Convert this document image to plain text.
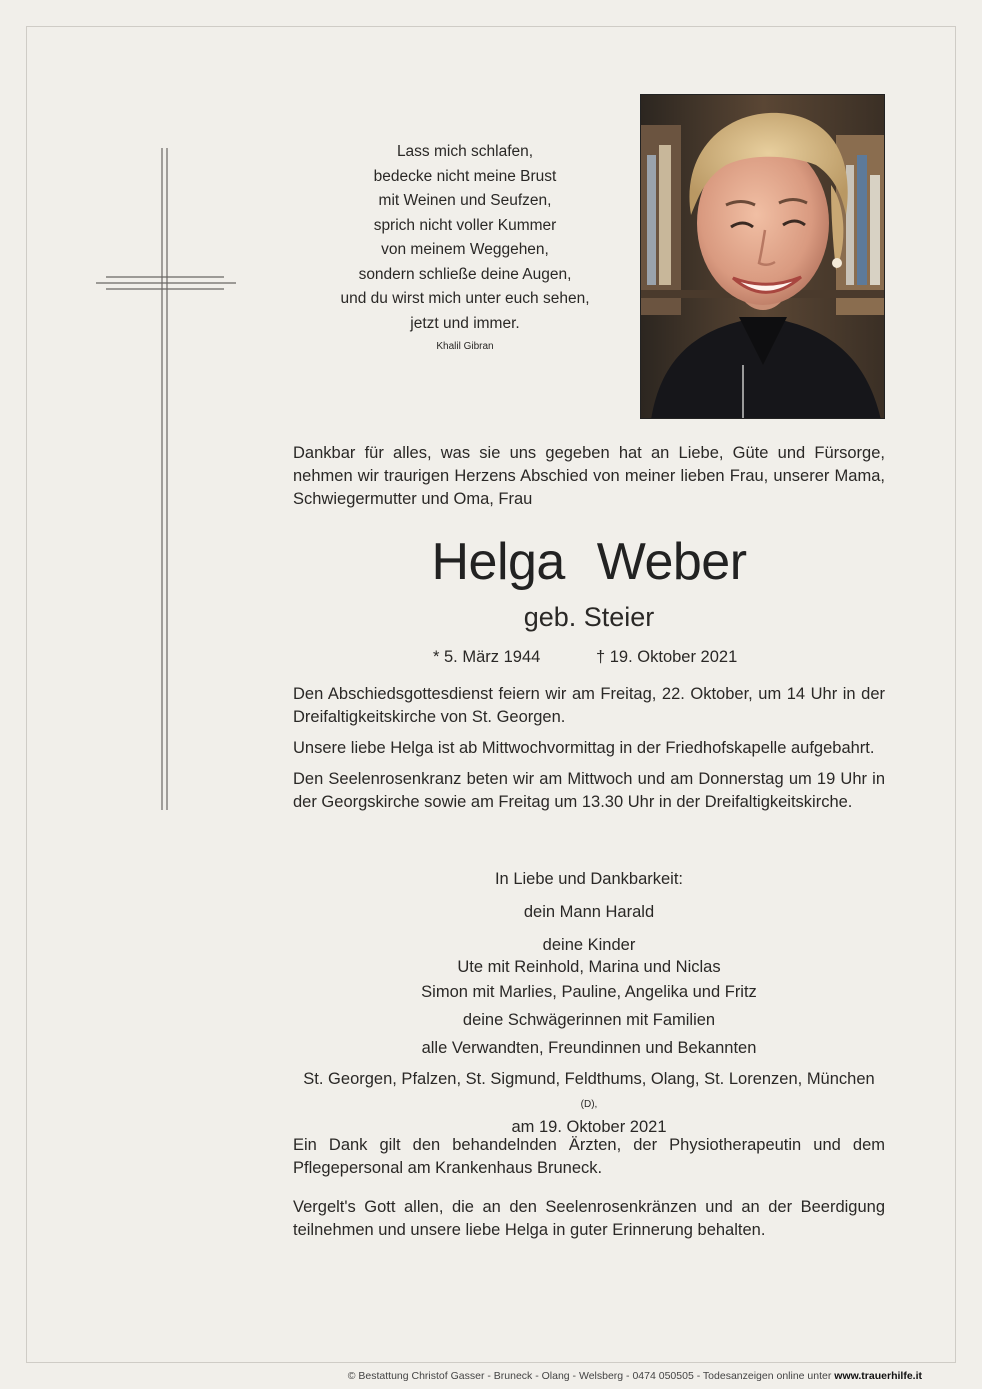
Lass mich schlafen,
bedecke nicht meine Brust
mit Weinen und Seufzen,
sprich nicht voller Kummer
von meinem Weggehen,
sondern schließe deine Augen,
und du wirst mich unter euch sehen,
jetzt und immer.
Khalil Gibran
Dankbar für alles, was sie uns gegeben hat an Liebe, Güte und Fürsorge, nehmen wir traurigen Herzens Abschied von meiner lieben Frau, unserer Mama, Schwiegermutter und Oma, Frau
Helga Weber
geb. Steier
* 5. März 1944	† 19. Oktober 2021

Den Abschiedsgottesdienst feiern wir am Freitag, 22. Oktober, um 14 Uhr in der Dreifaltigkeitskirche von St. Georgen.

Unsere liebe Helga ist ab Mittwochvormittag in der Friedhofskapelle aufgebahrt.

Den Seelenrosenkranz beten wir am Mittwoch und am Donnerstag um 19 Uhr in der Georgskirche sowie am Freitag um 13.30 Uhr in der Dreifaltigkeitskirche.

In Liebe und Dankbarkeit:
dein Mann Harald
deine Kinder
Ute mit Reinhold, Marina und Niclas
Simon mit Marlies, Pauline, Angelika und Fritz
deine Schwägerinnen mit Familien
alle Verwandten, Freundinnen und Bekannten
St. Georgen, Pfalzen, St. Sigmund, Feldthums, Olang, St. Lorenzen, München (D),
am 19. Oktober 2021

Ein Dank gilt den behandelnden Ärzten, der Physiotherapeutin und dem Pflegepersonal am Krankenhaus Bruneck.

Vergelt's Gott allen, die an den Seelenrosenkränzen und an der Beerdigung teilnehmen und unsere liebe Helga in guter Erinnerung behalten.

© Bestattung Christof Gasser - Bruneck - Olang - Welsberg - 0474 050505 - Todesanzeigen online unter www.trauerhilfe.it
